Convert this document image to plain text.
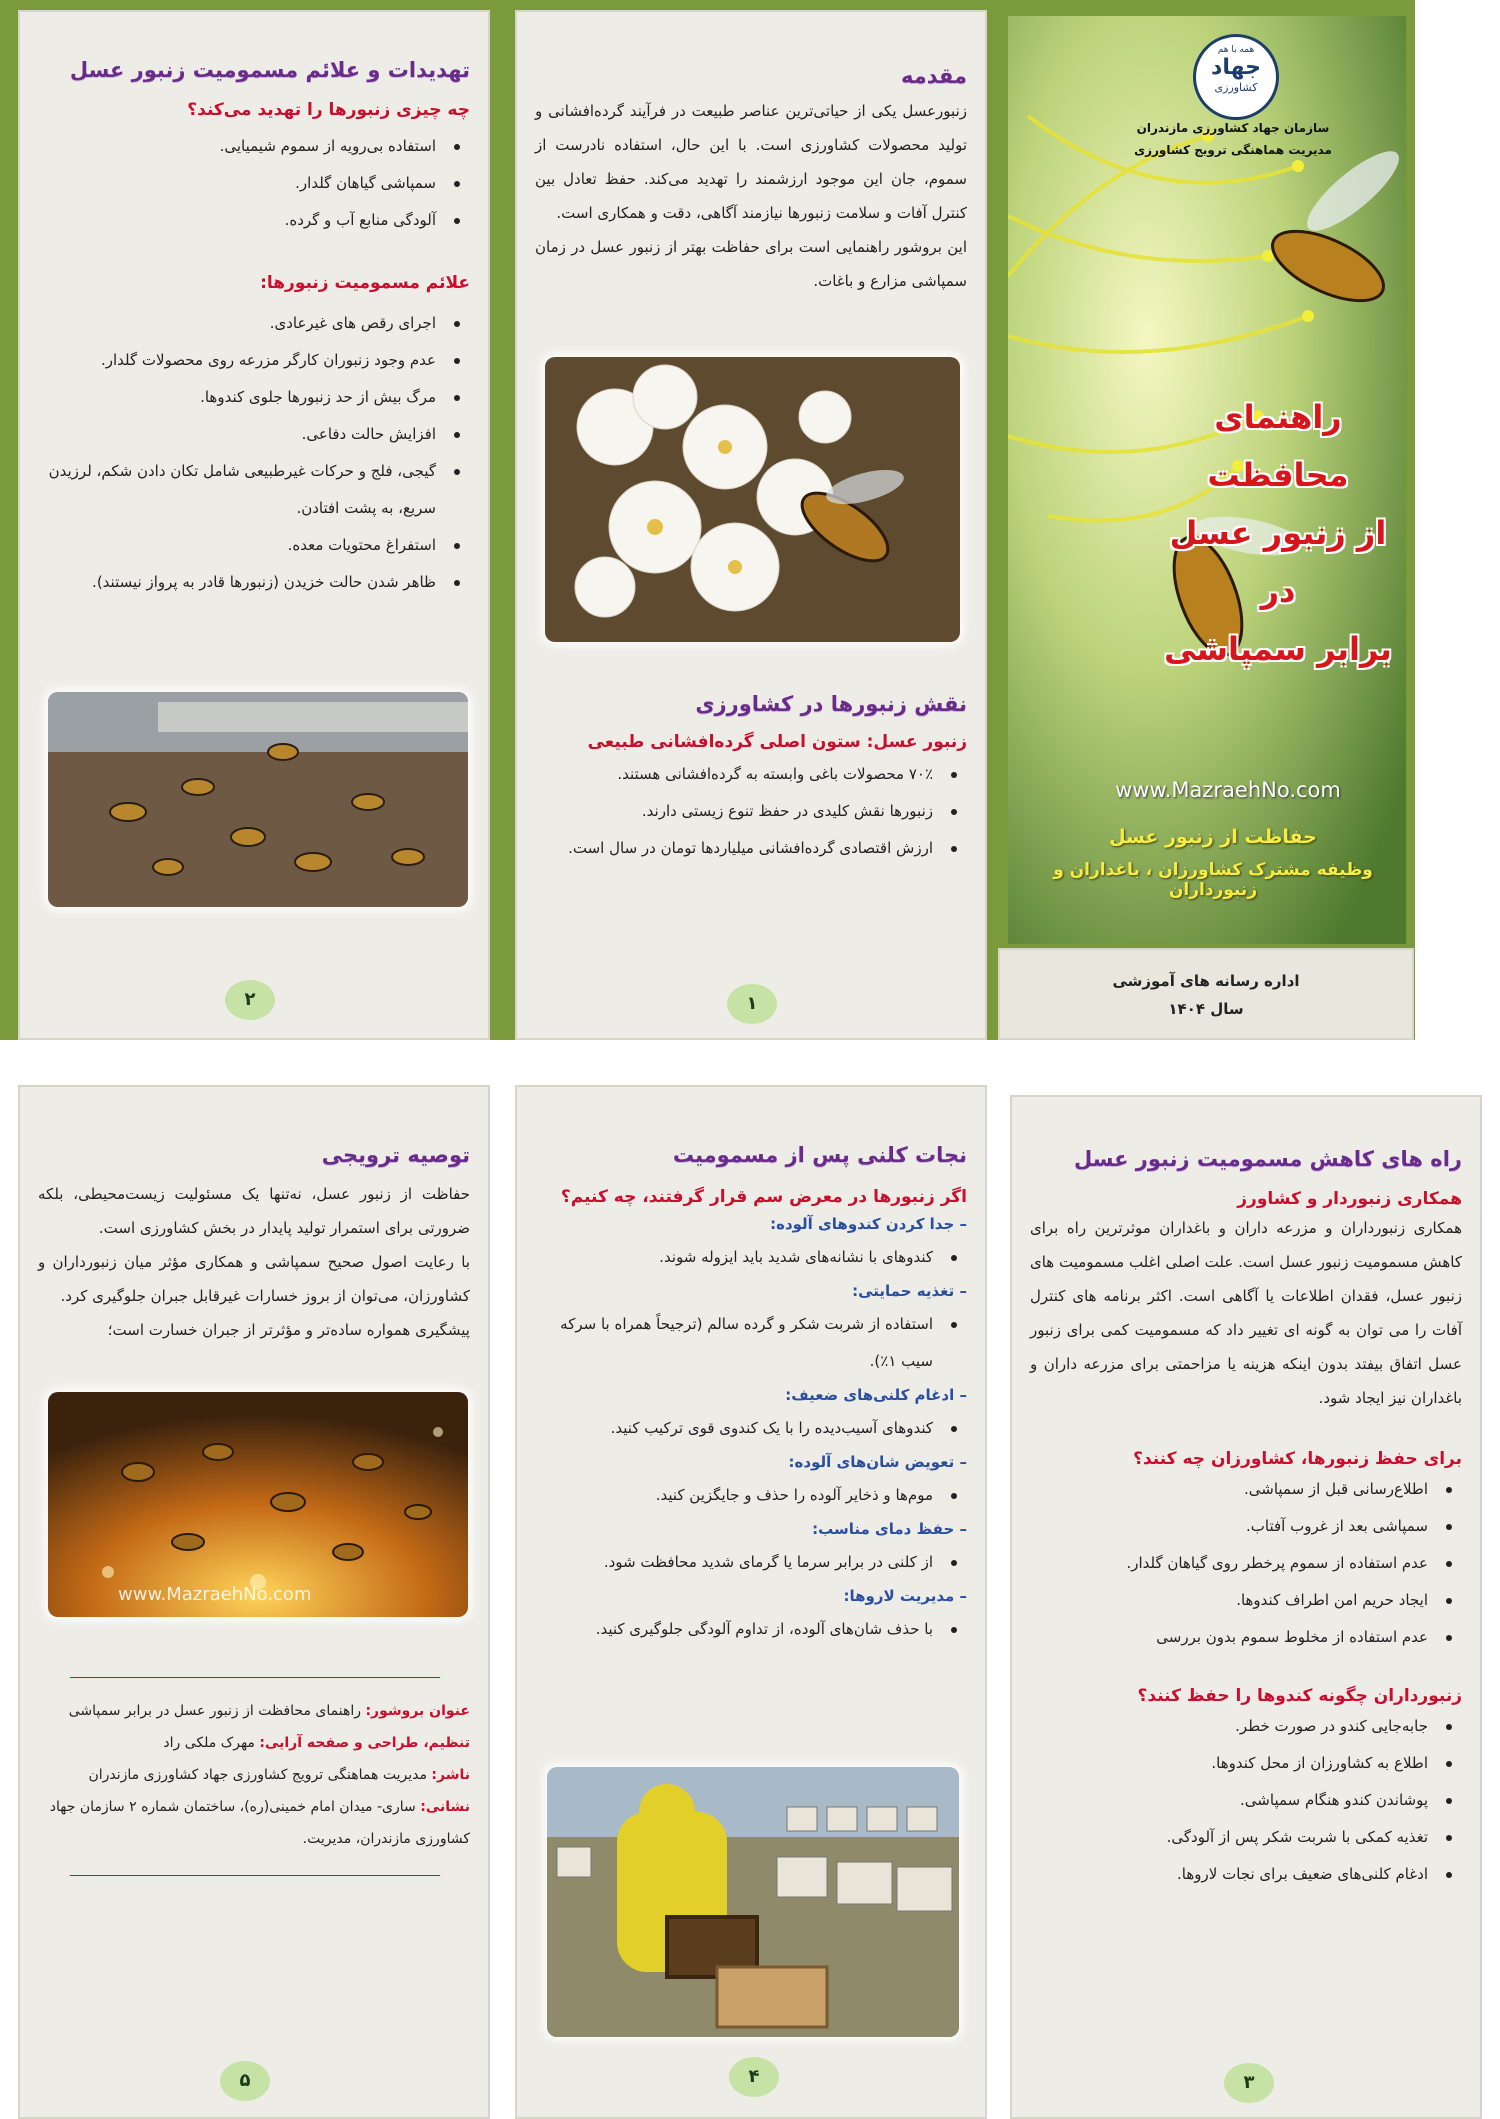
تهدیدات و علائم مسمومیت زنبور عسل
چه چیزی زنبورها را تهدید می‌کند؟
استفاده بی‌رویه از سموم شیمیایی.
سمپاشی گیاهان گلدار.
آلودگی منابع آب و گرده.
علائم مسمومیت زنبورها:
اجرای رقص های غیرعادی.
عدم وجود زنبوران کارگر مزرعه روی محصولات گلدار.
مرگ بیش از حد زنبورها جلوی کندوها.
افزایش حالت دفاعی.
گیجی، فلج و حرکات غیرطبیعی شامل تکان دادن شکم، لرزیدن سریع، به پشت افتادن.
استفراغ محتویات معده.
ظاهر شدن حالت خزیدن (زنبورها قادر به پرواز نیستند).
۲
مقدمه

زنبورعسل یکی از حیاتی‌ترین عناصر طبیعت در فرآیند گرده‌افشانی و تولید محصولات کشاورزی است. با این حال، استفاده نادرست از سموم، جان این موجود ارزشمند را تهدید می‌کند. حفظ تعادل بین کنترل آفات و سلامت زنبورها نیازمند آگاهی، دقت و همکاری است.

این بروشور راهنمایی است برای حفاظت بهتر از زنبور عسل در زمان سمپاشی مزارع و باغات.

نقش زنبورها در کشاورزی
زنبور عسل: ستون اصلی گرده‌افشانی طبیعی
۷۰٪ محصولات باغی وابسته به گرده‌افشانی هستند.
زنبورها نقش کلیدی در حفظ تنوع زیستی دارند.
ارزش اقتصادی گرده‌افشانی میلیاردها تومان در سال است.
۱
همه با هم
جهاد
کشاورزی
سازمان جهاد کشاورزی مازندران
مدیریت هماهنگی ترویج کشاورزی
راهنمای محافظت
از زنبور عسل در
برابر سمپاشی
www.MazraehNo.com
حفاظت از زنبور عسل
وظیفه مشترک کشاورزان ، باغداران و زنبورداران
اداره رسانه های آموزشی
سال ۱۴۰۴
توصیه ترویجی

حفاظت از زنبور عسل، نه‌تنها یک مسئولیت زیست‌محیطی، بلکه ضرورتی برای استمرار تولید پایدار در بخش کشاورزی است.

با رعایت اصول صحیح سمپاشی و همکاری مؤثر میان زنبورداران و کشاورزان، می‌توان از بروز خسارات غیرقابل جبران جلوگیری کرد.

پیشگیری همواره ساده‌تر و مؤثرتر از جبران خسارت است؛

www.MazraehNo.com

عنوان بروشور: راهنمای محافظت از زنبور عسل در برابر سمپاشی

تنظیم، طراحی و صفحه آرایی: مهرک ملکی راد

ناشر: مدیریت هماهنگی ترویج کشاورزی جهاد کشاورزی مازندران

نشانی: ساری- میدان امام خمینی(ره)، ساختمان شماره ۲ سازمان جهاد کشاورزی مازندران، مدیریت.

۵
نجات کلنی پس از مسمومیت
اگر زنبورها در معرض سم قرار گرفتند، چه کنیم؟
– جدا کردن کندوهای آلوده:
کندوهای با نشانه‌های شدید باید ایزوله شوند.
– تغذیه حمایتی:
استفاده از شربت شکر و گرده سالم (ترجیحاً همراه با سرکه سیب ۱٪).
– ادغام کلنی‌های ضعیف:
کندوهای آسیب‌دیده را با یک کندوی قوی ترکیب کنید.
– تعویض شان‌های آلوده:
موم‌ها و ذخایر آلوده را حذف و جایگزین کنید.
– حفظ دمای مناسب:
از کلنی در برابر سرما یا گرمای شدید محافظت شود.
– مدیریت لاروها:
با حذف شان‌های آلوده، از تداوم آلودگی جلوگیری کنید.
۴
راه های کاهش مسمومیت زنبور عسل
همکاری زنبوردار و کشاورز

همکاری زنبورداران و مزرعه داران و باغداران موثرترین راه برای کاهش مسمومیت زنبور عسل است. علت اصلی اغلب مسمومیت های زنبور عسل، فقدان اطلاعات یا آگاهی است. اکثر برنامه های کنترل آفات را می توان به گونه ای تغییر داد که مسمومیت کمی برای زنبور عسل اتفاق بیفتد بدون اینکه هزینه یا مزاحمتی برای مزرعه داران و باغداران نیز ایجاد شود.

برای حفظ زنبورها، کشاورزان چه کنند؟
اطلاع‌رسانی قبل از سمپاشی.
سمپاشی بعد از غروب آفتاب.
عدم استفاده از سموم پرخطر روی گیاهان گلدار.
ایجاد حریم امن اطراف کندوها.
عدم استفاده از مخلوط سموم بدون بررسی
زنبورداران چگونه کندوها را حفظ کنند؟
جابه‌جایی کندو در صورت خطر.
اطلاع به کشاورزان از محل کندوها.
پوشاندن کندو هنگام سمپاشی.
تغذیه کمکی با شربت شکر پس از آلودگی.
ادغام کلنی‌های ضعیف برای نجات لاروها.
۳
